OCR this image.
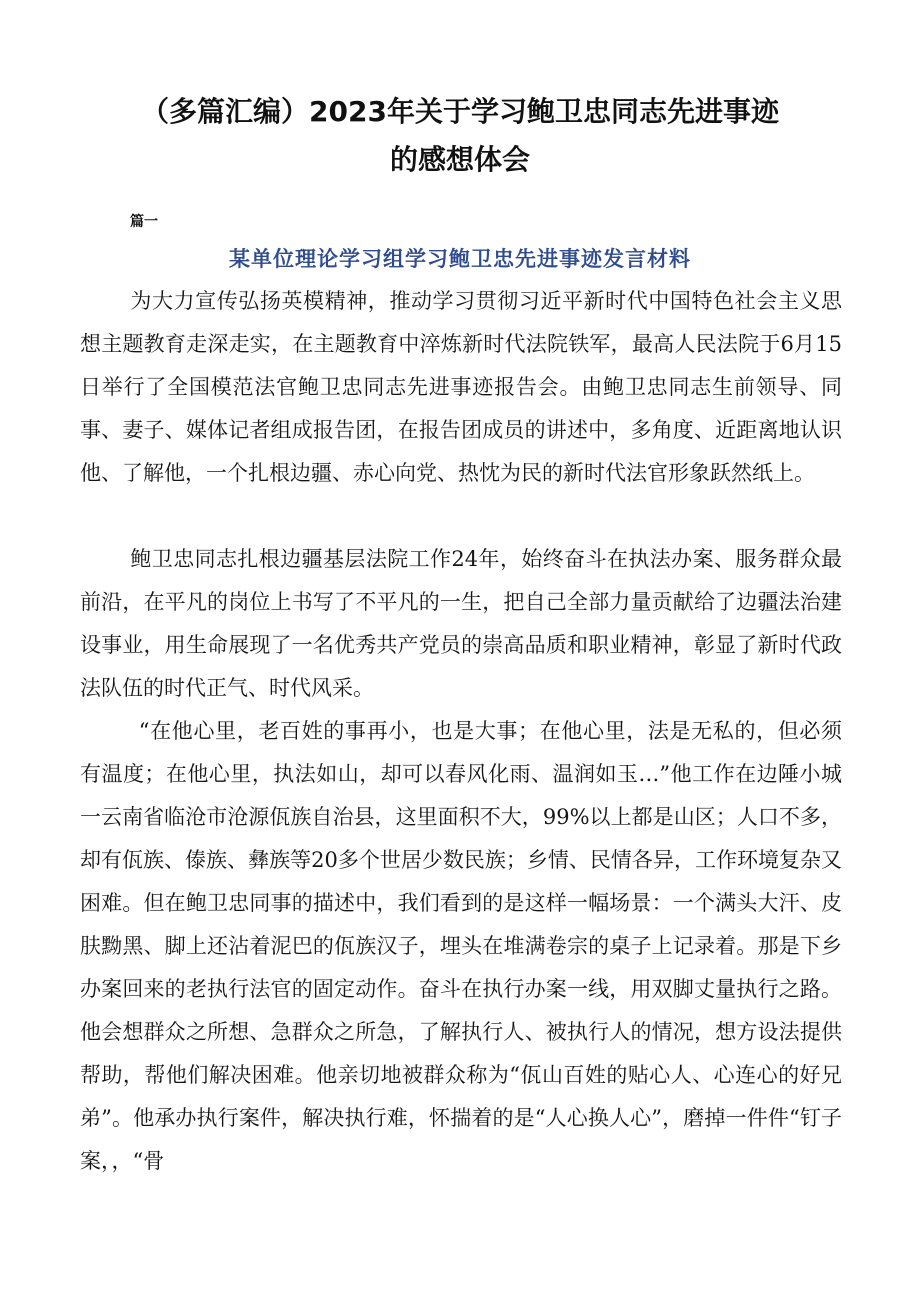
（多篇汇编）2023年关于学习鲍卫忠同志先进事迹
的感想体会
篇一
某单位理论学习组学习鲍卫忠先进事迹发言材料

为大力宣传弘扬英模精神，推动学习贯彻习近平新时代中国特色社会主义思想主题教育走深走实，在主题教育中淬炼新时代法院铁军，最高人民法院于6月15日举行了全国模范法官鲍卫忠同志先进事迹报告会。由鲍卫忠同志生前领导、同事、妻子、媒体记者组成报告团，在报告团成员的讲述中，多角度、近距离地认识他、了解他，一个扎根边疆、赤心向党、热忱为民的新时代法官形象跃然纸上。

鲍卫忠同志扎根边疆基层法院工作24年，始终奋斗在执法办案、服务群众最前沿，在平凡的岗位上书写了不平凡的一生，把自己全部力量贡献给了边疆法治建设事业，用生命展现了一名优秀共产党员的崇高品质和职业精神，彰显了新时代政法队伍的时代正气、时代风采。

“在他心里，老百姓的事再小，也是大事；在他心里，法是无私的，但必须有温度；在他心里，执法如山，却可以春风化雨、温润如玉…”他工作在边陲小城一云南省临沧市沧源佤族自治县，这里面积不大，99%以上都是山区；人口不多，却有佤族、傣族、彝族等20多个世居少数民族；乡情、民情各异，工作环境复杂又困难。但在鲍卫忠同事的描述中，我们看到的是这样一幅场景：一个满头大汗、皮肤黝黑、脚上还沾着泥巴的佤族汉子，埋头在堆满卷宗的桌子上记录着。那是下乡办案回来的老执行法官的固定动作。奋斗在执行办案一线，用双脚丈量执行之路。他会想群众之所想、急群众之所急，了解执行人、被执行人的情况，想方设法提供帮助，帮他们解决困难。他亲切地被群众称为“佤山百姓的贴心人、心连心的好兄弟”。他承办执行案件，解决执行难，怀揣着的是“人心换人心”，磨掉一件件“钉子案，，“骨
